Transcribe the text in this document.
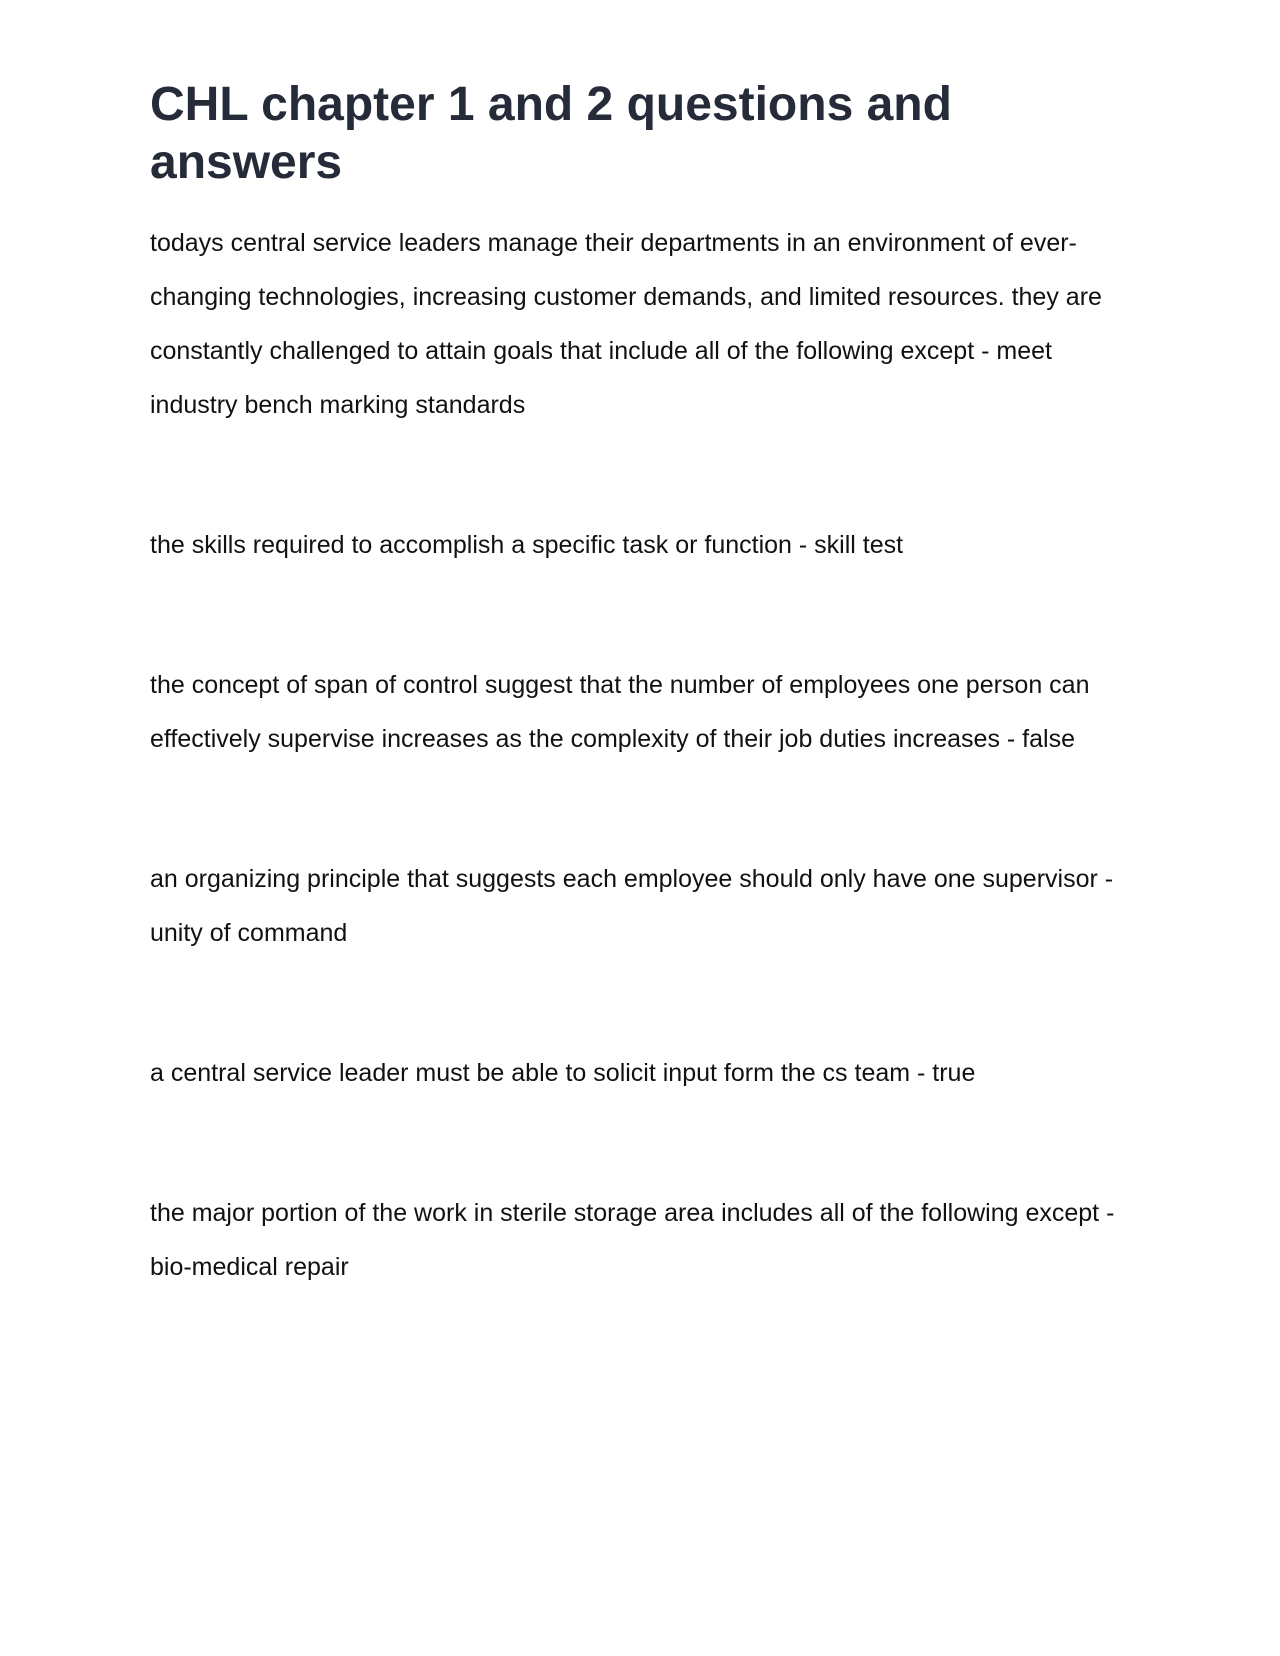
CHL chapter 1 and 2 questions and answers

todays central service leaders manage their departments in an environment of ever-changing technologies, increasing customer demands, and limited resources. they are constantly challenged to attain goals that include all of the following except - meet industry bench marking standards

the skills required to accomplish a specific task or function - skill test

the concept of span of control suggest that the number of employees one person can effectively supervise increases as the complexity of their job duties increases - false

an organizing principle that suggests each employee should only have one supervisor - unity of command

a central service leader must be able to solicit input form the cs team - true

the major portion of the work in sterile storage area includes all of the following except - bio-medical repair
